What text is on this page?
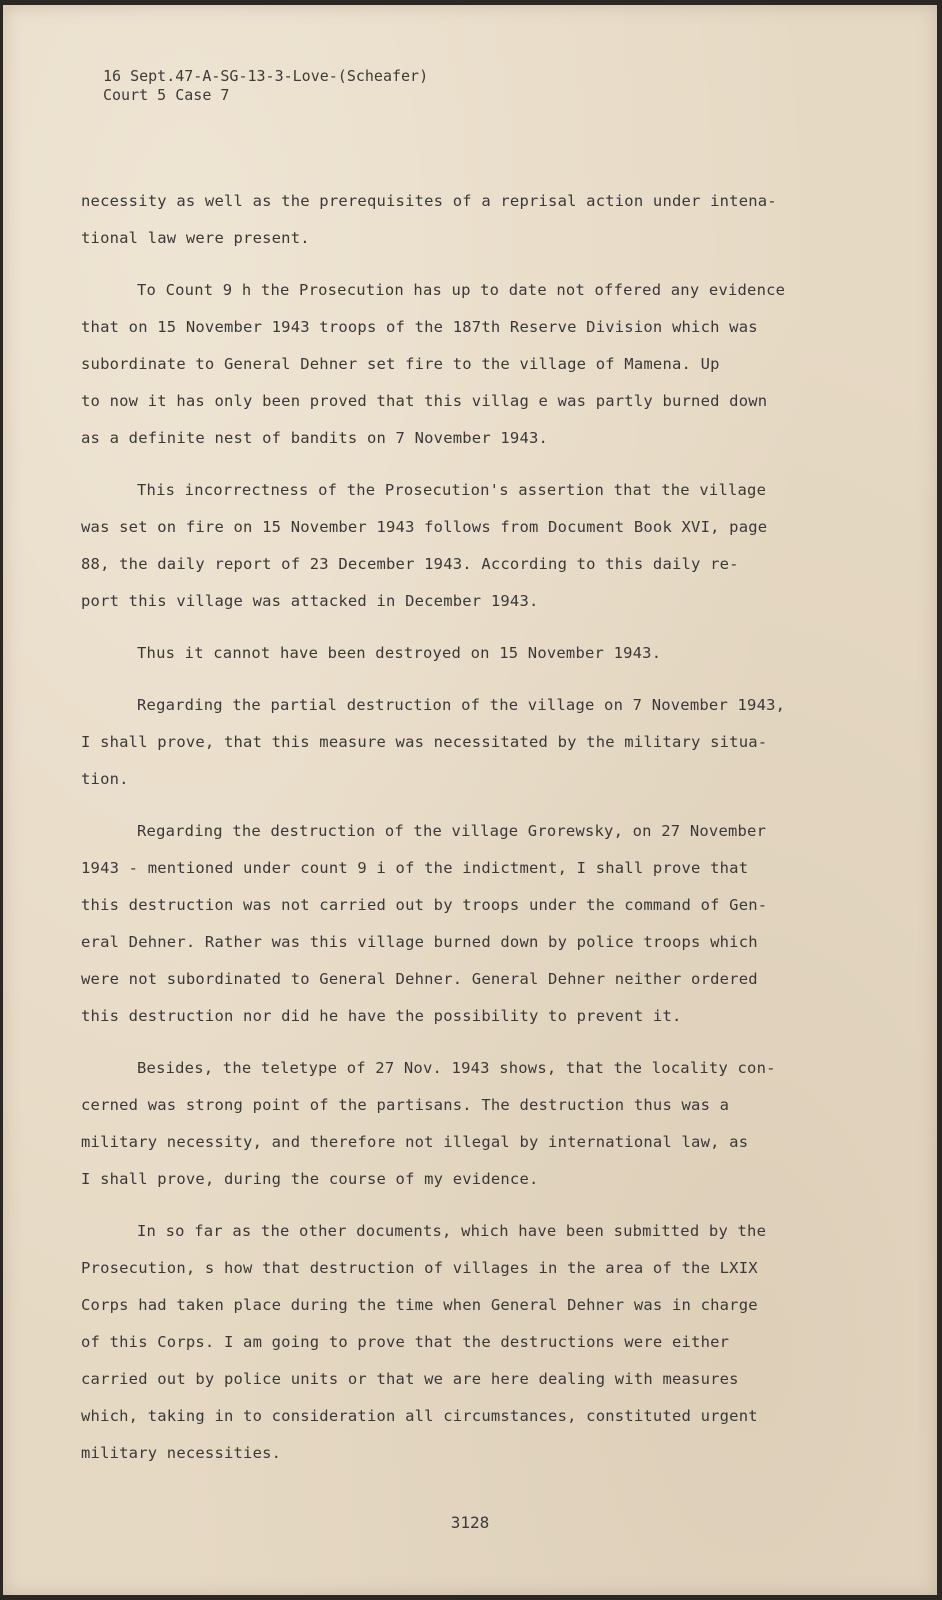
16 Sept.47-A-SG-13-3-Love-(Scheafer)
Court 5 Case 7
necessity as well as the prerequisites of a reprisal action under intena-
tional law were present.
To Count 9 h the Prosecution has up to date not offered any evidence
that on 15 November 1943 troops of the 187th Reserve Division which was
subordinate to General Dehner set fire to the village of Mamena. Up
to now it has only been proved that this villag e was partly burned down
as a definite nest of bandits on 7 November 1943.
This incorrectness of the Prosecution's assertion that the village
was set on fire on 15 November 1943 follows from Document Book XVI, page
88, the daily report of 23 December 1943. According to this daily re-
port this village was attacked in December 1943.
Thus it cannot have been destroyed on 15 November 1943.
Regarding the partial destruction of the village on 7 November 1943,
I shall prove, that this measure was necessitated by the military situa-
tion.
Regarding the destruction of the village Grorewsky, on 27 November
1943 - mentioned under count 9 i of the indictment, I shall prove that
this destruction was not carried out by troops under the command of Gen-
eral Dehner. Rather was this village burned down by police troops which
were not subordinated to General Dehner. General Dehner neither ordered
this destruction nor did he have the possibility to prevent it.
Besides, the teletype of 27 Nov. 1943 shows, that the locality con-
cerned was strong point of the partisans. The destruction thus was a
military necessity, and therefore not illegal by international law, as
I shall prove, during the course of my evidence.
In so far as the other documents, which have been submitted by the
Prosecution, s how that destruction of villages in the area of the LXIX
Corps had taken place during the time when General Dehner was in charge
of this Corps. I am going to prove that the destructions were either
carried out by police units or that we are here dealing with measures
which, taking in to consideration all circumstances, constituted urgent
military necessities.
3128
